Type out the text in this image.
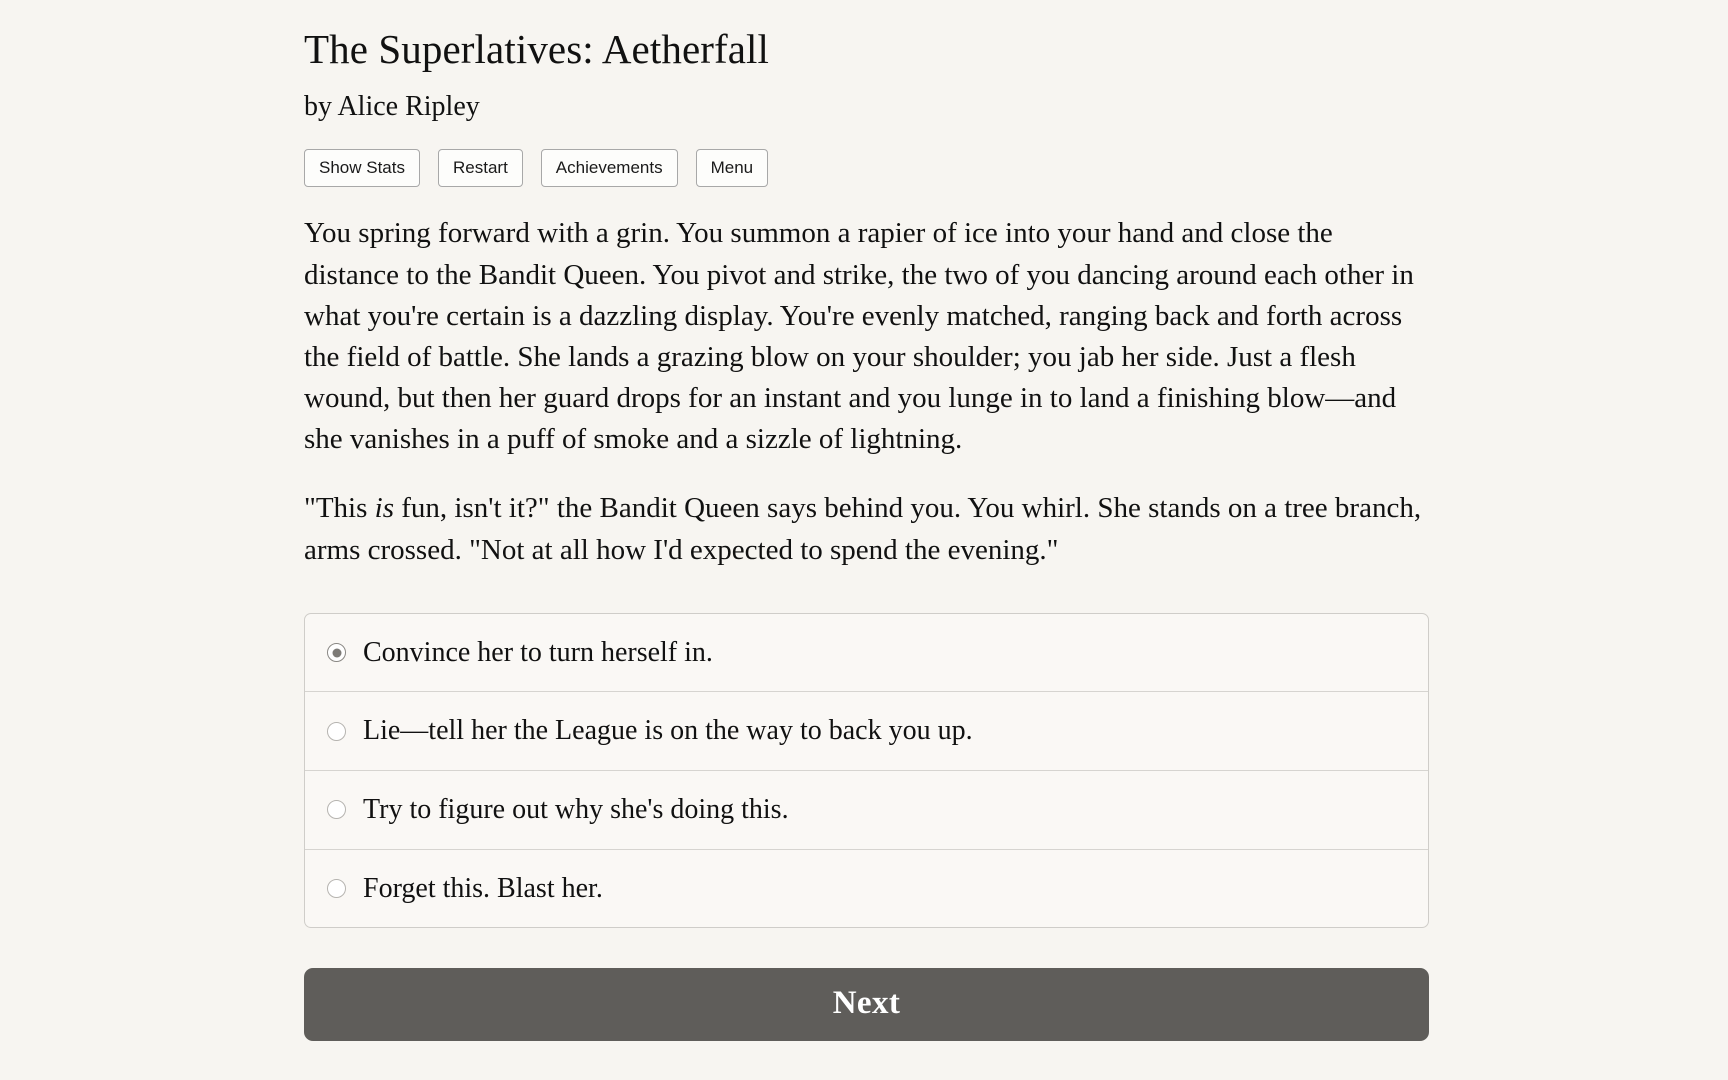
The Superlatives: Aetherfall
by Alice Ripley
Show Stats	Restart	Achievements	Menu

You spring forward with a grin. You summon a rapier of ice into your hand and close the distance to the Bandit Queen. You pivot and strike, the two of you dancing around each other in what you're certain is a dazzling display. You're evenly matched, ranging back and forth across the field of battle. She lands a grazing blow on your shoulder; you jab her side. Just a flesh wound, but then her guard drops for an instant and you lunge in to land a finishing blow—and she vanishes in a puff of smoke and a sizzle of lightning.

"This is fun, isn't it?" the Bandit Queen says behind you. You whirl. She stands on a tree branch, arms crossed. "Not at all how I'd expected to spend the evening."

Convince her to turn herself in.
Lie—tell her the League is on the way to back you up.
Try to figure out why she's doing this.
Forget this. Blast her.
Next
